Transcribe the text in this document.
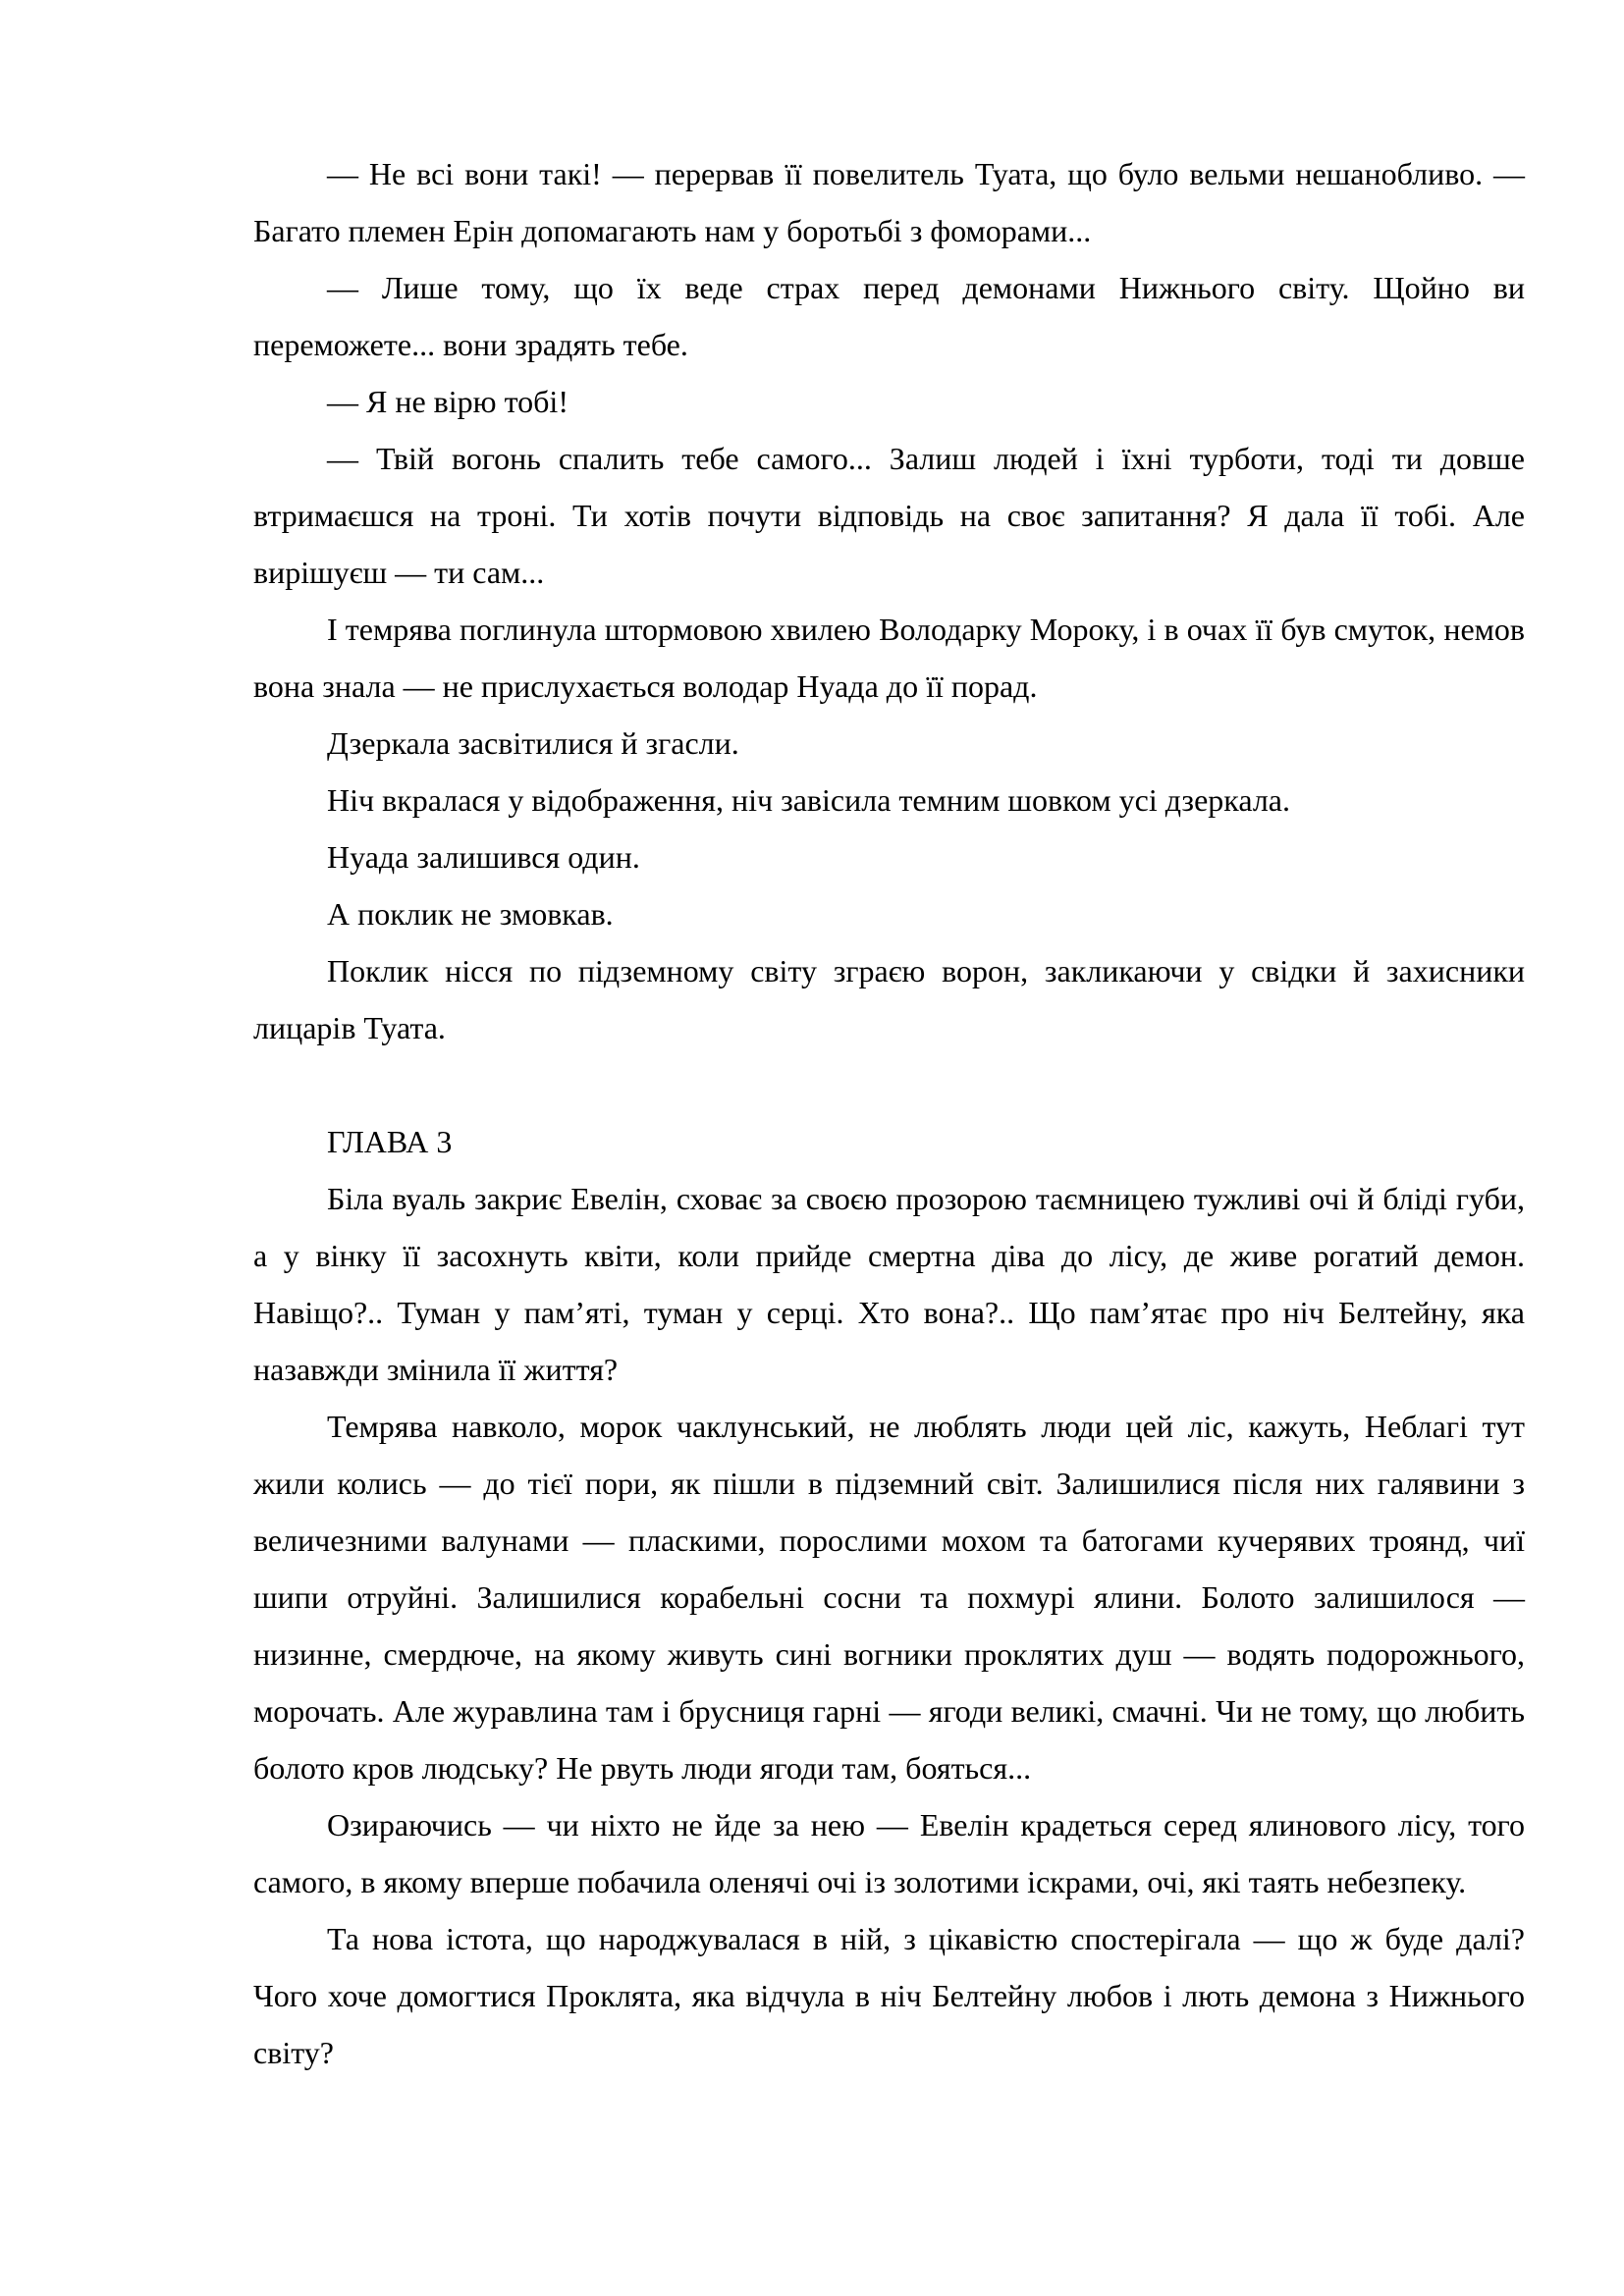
— Не всі вони такі! — перервав її повелитель Туата, що було вельми нешанобливо. — Багато племен Ерін допомагають нам у боротьбі з фоморами...

— Лише тому, що їх веде страх перед демонами Нижнього світу. Щойно ви переможете... вони зрадять тебе.

— Я не вірю тобі!

— Твій вогонь спалить тебе самого... Залиш людей і їхні турботи, тоді ти довше втримаєшся на троні. Ти хотів почути відповідь на своє запитання? Я дала її тобі. Але вирішуєш — ти сам...

І темрява поглинула штормовою хвилею Володарку Мороку, і в очах її був смуток, немов вона знала — не прислухається володар Нуада до її порад.

Дзеркала засвітилися й згасли.

Ніч вкралася у відображення, ніч завісила темним шовком усі дзеркала.

Нуада залишився один.

А поклик не змовкав.

Поклик нісся по підземному світу зграєю ворон, закликаючи у свідки й захисники лицарів Туата.

ГЛАВА 3

Біла вуаль закриє Евелін, сховає за своєю прозорою таємницею тужливі очі й бліді губи, а у вінку її засохнуть квіти, коли прийде смертна діва до лісу, де живе рогатий демон. Навіщо?.. Туман у пам’яті, туман у серці. Хто вона?.. Що пам’ятає про ніч Белтейну, яка назавжди змінила її життя?

Темрява навколо, морок чаклунський, не люблять люди цей ліс, кажуть, Неблагі тут жили колись — до тієї пори, як пішли в підземний світ. Залишилися після них галявини з величезними валунами — пласкими, порослими мохом та батогами кучерявих троянд, чиї шипи отруйні. Залишилися корабельні сосни та похмурі ялини. Болото залишилося — низинне, смердюче, на якому живуть сині вогники проклятих душ — водять подорожнього, морочать. Але журавлина там і брусниця гарні — ягоди великі, смачні. Чи не тому, що любить болото кров людську? Не рвуть люди ягоди там, бояться...

Озираючись — чи ніхто не йде за нею — Евелін крадеться серед ялинового лісу, того самого, в якому вперше побачила оленячі очі із золотими іскрами, очі, які таять небезпеку.

Та нова істота, що народжувалася в ній, з цікавістю спостерігала — що ж буде далі? Чого хоче домогтися Проклята, яка відчула в ніч Белтейну любов і лють демона з Нижнього світу?
